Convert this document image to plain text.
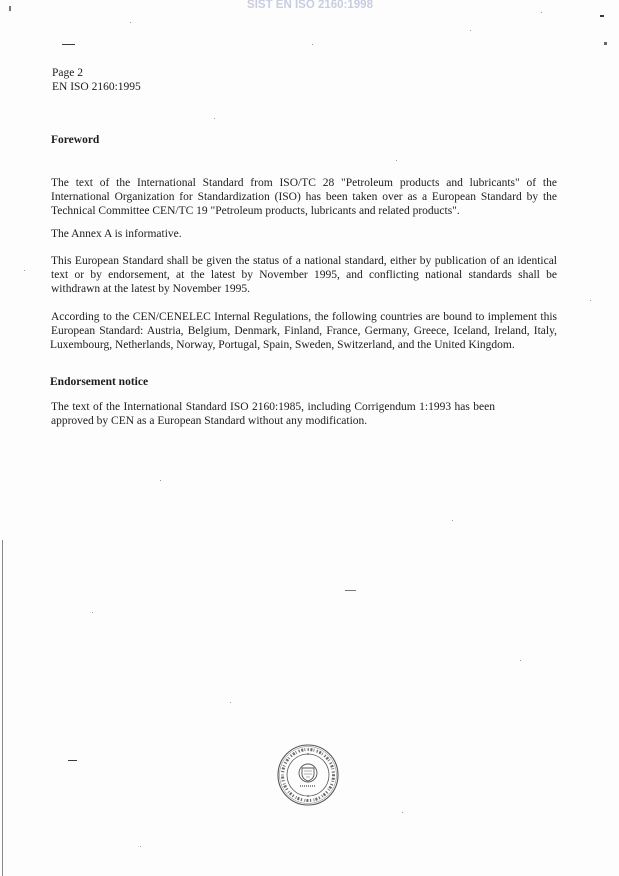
SIST EN ISO 2160:1998
Page 2
EN ISO 2160:1995
Foreword
The text of the International Standard from ISO/TC 28 "Petroleum products and lubricants" of the
International Organization for Standardization (ISO) has been taken over as a European Standard by the
Technical Committee CEN/TC 19 "Petroleum products, lubricants and related products".
The Annex A is informative.
This European Standard shall be given the status of a national standard, either by publication of an identical
text or by endorsement, at the latest by November 1995, and conflicting national standards shall be
withdrawn at the latest by November 1995.
According to the CEN/CENELEC Internal Regulations, the following countries are bound to implement this
European Standard: Austria, Belgium, Denmark, Finland, France, Germany, Greece, Iceland, Ireland, Italy,
Luxembourg, Netherlands, Norway, Portugal, Spain, Sweden, Switzerland, and the United Kingdom.
Endorsement notice
The text of the International Standard ISO 2160:1985, including Corrigendum 1:1993 has been
approved by CEN as a European Standard without any modification.
